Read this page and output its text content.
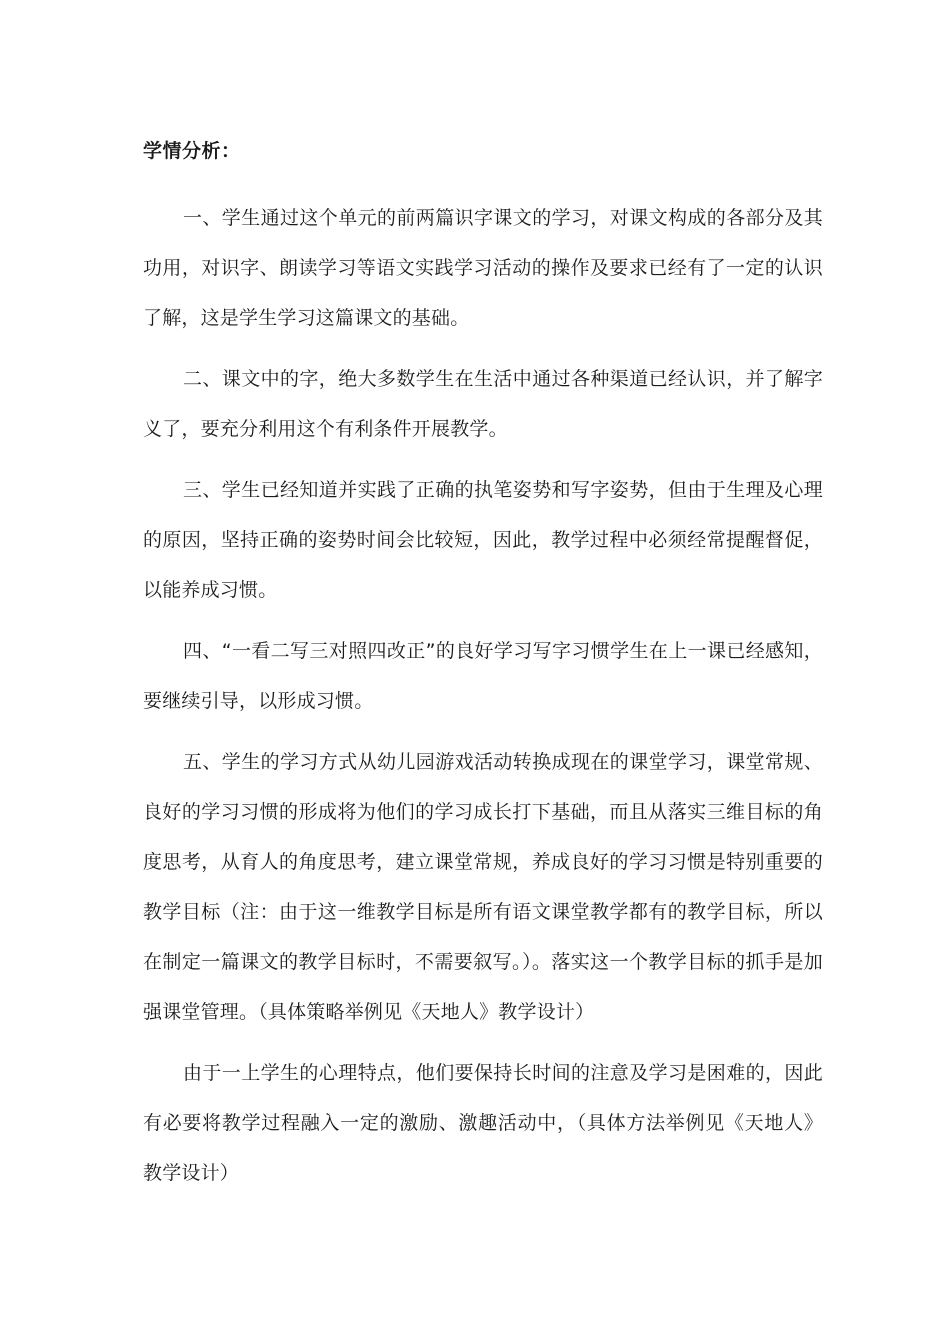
学情分析：

一、学生通过这个单元的前两篇识字课文的学习，对课文构成的各部分及其功用，对识字、朗读学习等语文实践学习活动的操作及要求已经有了一定的认识了解，这是学生学习这篇课文的基础。

二、课文中的字，绝大多数学生在生活中通过各种渠道已经认识，并了解字义了，要充分利用这个有利条件开展教学。

三、学生已经知道并实践了正确的执笔姿势和写字姿势，但由于生理及心理的原因，坚持正确的姿势时间会比较短，因此，教学过程中必须经常提醒督促，以能养成习惯。

四、“一看二写三对照四改正”的良好学习写字习惯学生在上一课已经感知，要继续引导，以形成习惯。

五、学生的学习方式从幼儿园游戏活动转换成现在的课堂学习，课堂常规、良好的学习习惯的形成将为他们的学习成长打下基础，而且从落实三维目标的角度思考，从育人的角度思考，建立课堂常规，养成良好的学习习惯是特别重要的教学目标（注：由于这一维教学目标是所有语文课堂教学都有的教学目标，所以在制定一篇课文的教学目标时，不需要叙写。）。落实这一个教学目标的抓手是加强课堂管理。（具体策略举例见《天地人》教学设计）

由于一上学生的心理特点，他们要保持长时间的注意及学习是困难的，因此有必要将教学过程融入一定的激励、激趣活动中，（具体方法举例见《天地人》教学设计）
